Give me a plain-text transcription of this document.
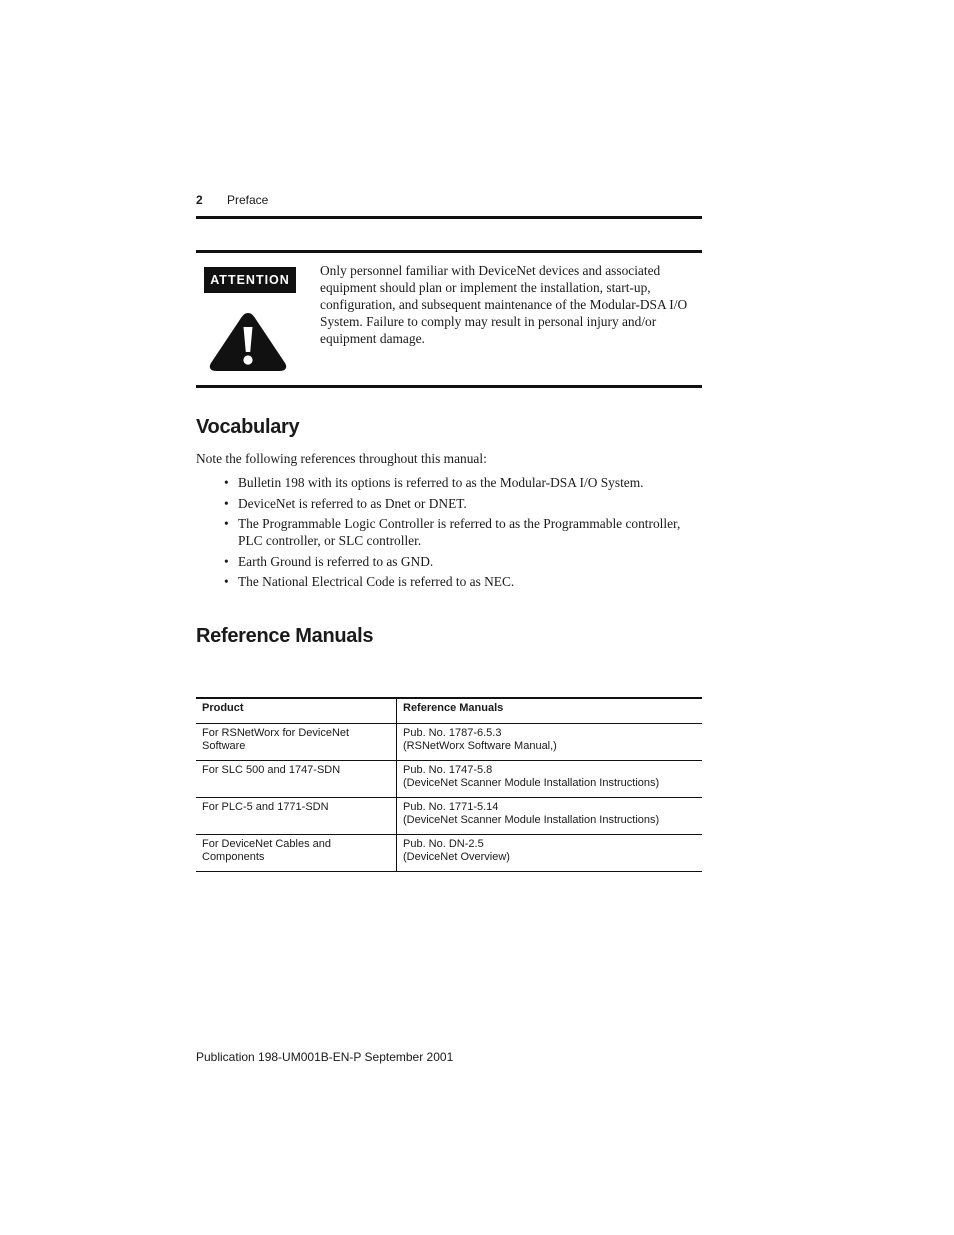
2 Preface
ATTENTION
Only personnel familiar with DeviceNet devices and associated equipment should plan or implement the installation, start-up, configuration, and subsequent maintenance of the Modular-DSA I/O System. Failure to comply may result in personal injury and/or equipment damage.
Vocabulary
Note the following references throughout this manual:
• Bulletin 198 with its options is referred to as the Modular-DSA I/O System.
• DeviceNet is referred to as Dnet or DNET.
• The Programmable Logic Controller is referred to as the Programmable controller, PLC controller, or SLC controller.
• Earth Ground is referred to as GND.
• The National Electrical Code is referred to as NEC.
Reference Manuals
Product	Reference Manuals
For RSNetWorx for DeviceNet Software	Pub. No. 1787-6.5.3
(RSNetWorx Software Manual,)

For SLC 500 and 1747-SDN	Pub. No. 1747-5.8
(DeviceNet Scanner Module Installation Instructions)

For PLC-5 and 1771-SDN	Pub. No. 1771-5.14
(DeviceNet Scanner Module Installation Instructions)

For DeviceNet Cables and Components	Pub. No. DN-2.5
(DeviceNet Overview)
Publication 198-UM001B-EN-P September 2001
